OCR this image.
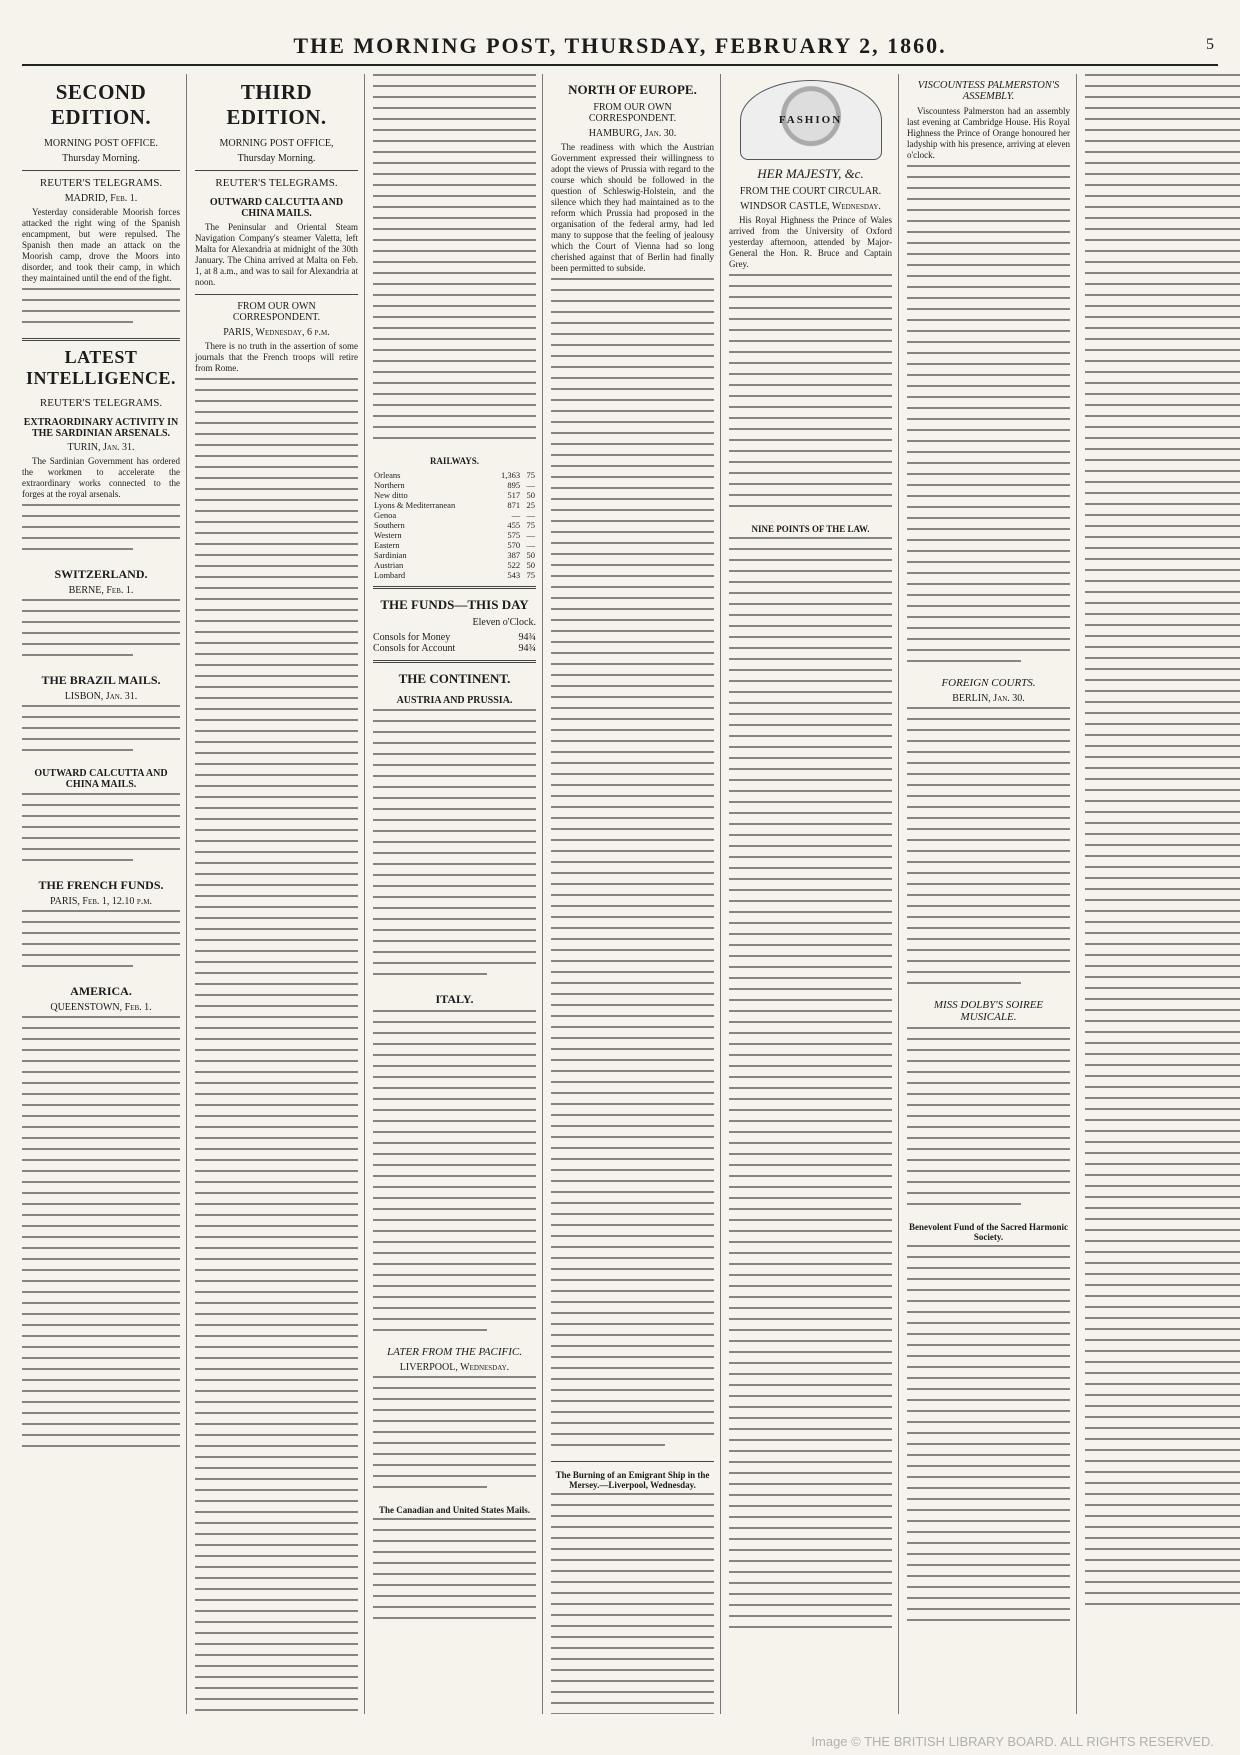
THE MORNING POST, THURSDAY, FEBRUARY 2, 1860.	5
SECOND EDITION.
MORNING POST OFFICE.
Thursday Morning.
REUTER'S TELEGRAMS.
MADRID, Feb. 1.

Yesterday considerable Moorish forces attacked the right wing of the Spanish encampment, but were repulsed. The Spanish then made an attack on the Moorish camp, drove the Moors into disorder, and took their camp, in which they maintained until the end of the fight.

LATEST INTELLIGENCE.
REUTER'S TELEGRAMS.
EXTRAORDINARY ACTIVITY IN THE SARDINIAN ARSENALS.
TURIN, Jan. 31.

The Sardinian Government has ordered the workmen to accelerate the extraordinary works connected to the forges at the royal arsenals.

SWITZERLAND.
BERNE, Feb. 1.
THE BRAZIL MAILS.
LISBON, Jan. 31.
OUTWARD CALCUTTA AND CHINA MAILS.
THE FRENCH FUNDS.
PARIS, Feb. 1, 12.10 p.m.
AMERICA.
QUEENSTOWN, Feb. 1.
THIRD EDITION.
MORNING POST OFFICE,
Thursday Morning.
REUTER'S TELEGRAMS.
OUTWARD CALCUTTA AND CHINA MAILS.

The Peninsular and Oriental Steam Navigation Company's steamer Valetta, left Malta for Alexandria at midnight of the 30th January. The China arrived at Malta on Feb. 1, at 8 a.m., and was to sail for Alexandria at noon.

FROM OUR OWN CORRESPONDENT.
PARIS, Wednesday, 6 p.m.

There is no truth in the assertion of some journals that the French troops will retire from Rome.

RAILWAYS.
Orleans	1,363	75
Northern	895	—
New ditto	517	50
Lyons & Mediterranean	871	25
Genoa	—	—
Southern	455	75
Western	575	—
Eastern	570	—
Sardinian	387	50
Austrian	522	50
Lombard	543	75
THE FUNDS—THIS DAY
Eleven o'Clock.
Consols for Money	94¾
Consols for Account	94¾
THE CONTINENT.
AUSTRIA AND PRUSSIA.
ITALY.
LATER FROM THE PACIFIC.
LIVERPOOL, Wednesday.
The Canadian and United States Mails.
NORTH OF EUROPE.
FROM OUR OWN CORRESPONDENT.
HAMBURG, Jan. 30.

The readiness with which the Austrian Government expressed their willingness to adopt the views of Prussia with regard to the course which should be followed in the question of Schleswig-Holstein, and the silence which they had maintained as to the reform which Prussia had proposed in the organisation of the federal army, had led many to suppose that the feeling of jealousy which the Court of Vienna had so long cherished against that of Berlin had finally been permitted to subside.

The Burning of an Emigrant Ship in the Mersey.—Liverpool, Wednesday.
FASHION
HER MAJESTY, &c.
FROM THE COURT CIRCULAR.
WINDSOR CASTLE, Wednesday.

His Royal Highness the Prince of Wales arrived from the University of Oxford yesterday afternoon, attended by Major-General the Hon. R. Bruce and Captain Grey.

NINE POINTS OF THE LAW.
VISCOUNTESS PALMERSTON'S ASSEMBLY.

Viscountess Palmerston had an assembly last evening at Cambridge House. His Royal Highness the Prince of Orange honoured her ladyship with his presence, arriving at eleven o'clock.

FOREIGN COURTS.
BERLIN, Jan. 30.
MISS DOLBY'S SOIREE MUSICALE.
Benevolent Fund of the Sacred Harmonic Society.
Image © THE BRITISH LIBRARY BOARD. ALL RIGHTS RESERVED.
